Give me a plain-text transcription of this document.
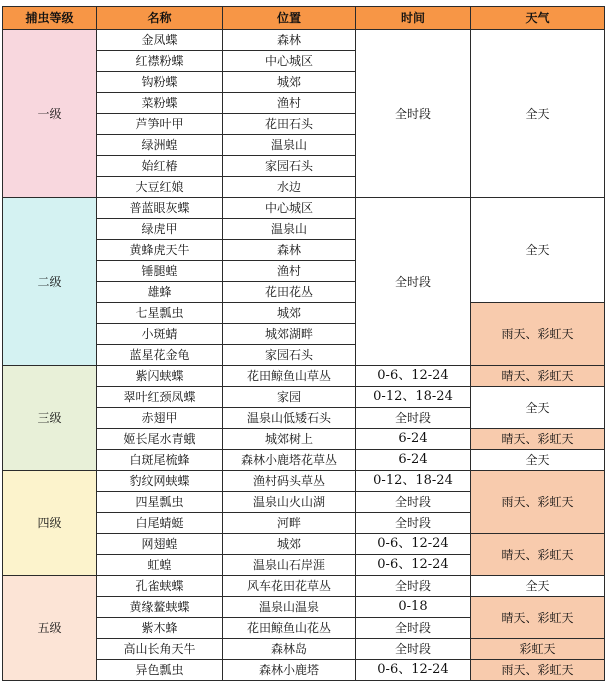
捕虫等级	名称	位置	时间	天气
一级	金凤蝶	森林	全时段	全天
	红襟粉蝶	中心城区		
	钩粉蝶	城郊		
	菜粉蝶	渔村		
	芦笋叶甲	花田石头		
	绿洲蝗	温泉山		
	始红椿	家园石头		
	大豆红娘	水边		
二级	普蓝眼灰蝶	中心城区	全时段	全天
	绿虎甲	温泉山		
	黄蜂虎天牛	森林		
	锤腿蝗	渔村		
	雄蜂	花田花丛		
	七星瓢虫	城郊		雨天、彩虹天
	小斑蜻	城郊湖畔		
	蓝星花金龟	家园石头		
三级	紫闪蛱蝶	花田鲸鱼山草丛	0-6、12-24	晴天、彩虹天
	翠叶红颈凤蝶	家园	0-12、18-24	全天
	赤翅甲	温泉山低矮石头	全时段	
	姬长尾水青蛾	城郊树上	6-24	晴天、彩虹天
	白斑尾梳蜂	森林小鹿塔花草丛	6-24	全天
四级	豹纹网蛱蝶	渔村码头草丛	0-12、18-24	雨天、彩虹天
	四星瓢虫	温泉山火山湖	全时段	
	白尾蜻蜓	河畔	全时段	
	网翅蝗	城郊	0-6、12-24	晴天、彩虹天
	虹蝗	温泉山石岸涯	0-6、12-24	
五级	孔雀蛱蝶	风车花田花草丛	全时段	全天
	黄缘鳌蛱蝶	温泉山温泉	0-18	晴天、彩虹天
	紫木蜂	花田鲸鱼山花丛	全时段	
	高山长角天牛	森林岛	全时段	彩虹天
	异色瓢虫	森林小鹿塔	0-6、12-24	雨天、彩虹天
